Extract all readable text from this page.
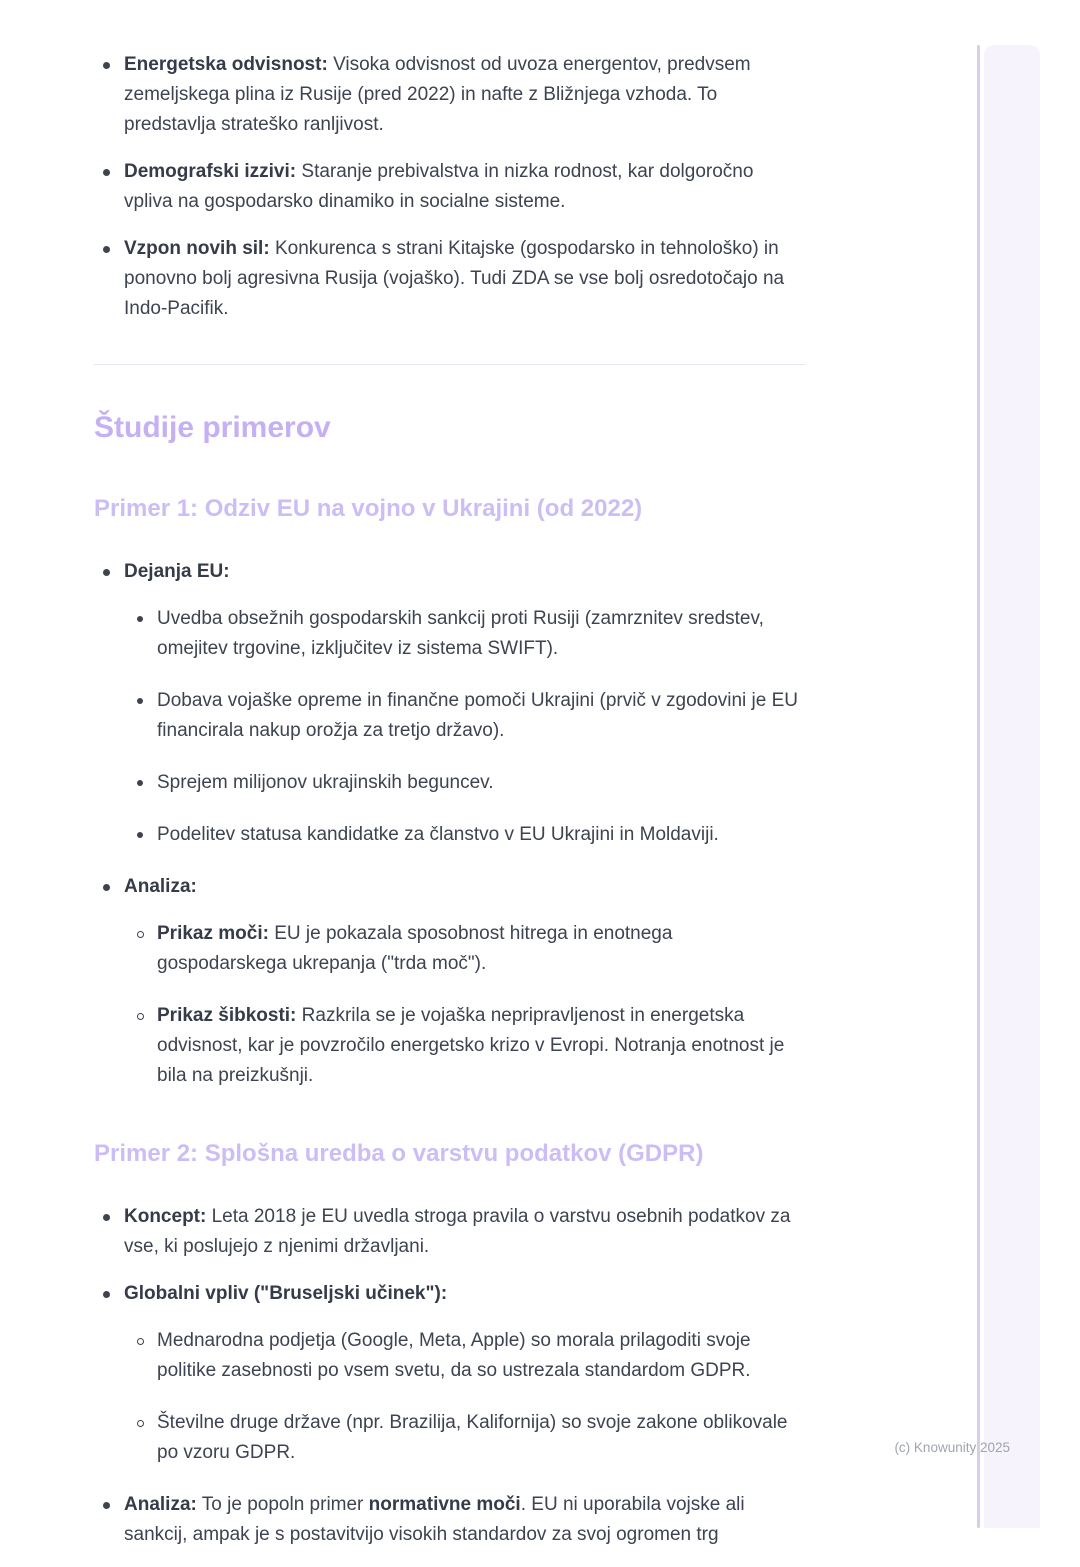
Energetska odvisnost: Visoka odvisnost od uvoza energentov, predvsem zemeljskega plina iz Rusije (pred 2022) in nafte z Bližnjega vzhoda. To predstavlja strateško ranljivost.

Demografski izzivi: Staranje prebivalstva in nizka rodnost, kar dolgoročno vpliva na gospodarsko dinamiko in socialne sisteme.

Vzpon novih sil: Konkurenca s strani Kitajske (gospodarsko in tehnološko) in ponovno bolj agresivna Rusija (vojaško). Tudi ZDA se vse bolj osredotočajo na Indo-Pacifik.

Študije primerov
Primer 1: Odziv EU na vojno v Ukrajini (od 2022)

Dejanja EU:

Uvedba obsežnih gospodarskih sankcij proti Rusiji (zamrznitev sredstev, omejitev trgovine, izključitev iz sistema SWIFT).

Dobava vojaške opreme in finančne pomoči Ukrajini (prvič v zgodovini je EU financirala nakup orožja za tretjo državo).

Sprejem milijonov ukrajinskih beguncev.

Podelitev statusa kandidatke za članstvo v EU Ukrajini in Moldaviji.

Analiza:

Prikaz moči: EU je pokazala sposobnost hitrega in enotnega gospodarskega ukrepanja ("trda moč").

Prikaz šibkosti: Razkrila se je vojaška nepripravljenost in energetska odvisnost, kar je povzročilo energetsko krizo v Evropi. Notranja enotnost je bila na preizkušnji.

Primer 2: Splošna uredba o varstvu podatkov (GDPR)

Koncept: Leta 2018 je EU uvedla stroga pravila o varstvu osebnih podatkov za vse, ki poslujejo z njenimi državljani.

Globalni vpliv ("Bruseljski učinek"):

Mednarodna podjetja (Google, Meta, Apple) so morala prilagoditi svoje politike zasebnosti po vsem svetu, da so ustrezala standardom GDPR.

Številne druge države (npr. Brazilija, Kalifornija) so svoje zakone oblikovale po vzoru GDPR.

Analiza: To je popoln primer normativne moči. EU ni uporabila vojske ali sankcij, ampak je s postavitvijo visokih standardov za svoj ogromen trg

(c) Knowunity 2025
